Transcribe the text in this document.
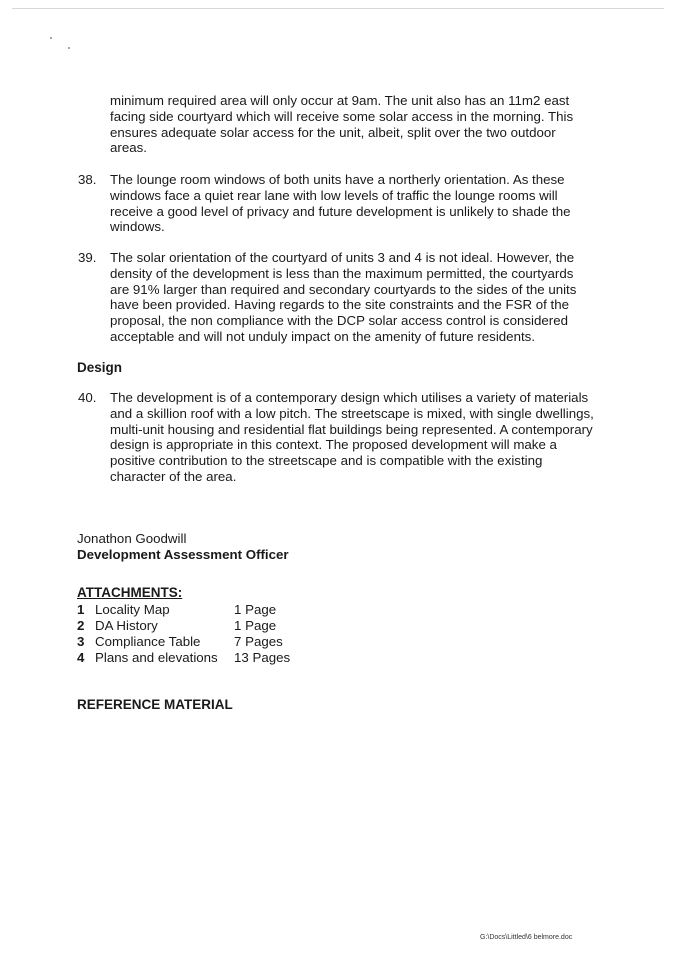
minimum required area will only occur at 9am. The unit also has an 11m2 east facing side courtyard which will receive some solar access in the morning. This ensures adequate solar access for the unit, albeit, split over the two outdoor areas.

38. The lounge room windows of both units have a northerly orientation. As these windows face a quiet rear lane with low levels of traffic the lounge rooms will receive a good level of privacy and future development is unlikely to shade the windows.

39. The solar orientation of the courtyard of units 3 and 4 is not ideal. However, the density of the development is less than the maximum permitted, the courtyards are 91% larger than required and secondary courtyards to the sides of the units have been provided. Having regards to the site constraints and the FSR of the proposal, the non compliance with the DCP solar access control is considered acceptable and will not unduly impact on the amenity of future residents.

Design
40. The development is of a contemporary design which utilises a variety of materials and a skillion roof with a low pitch. The streetscape is mixed, with single dwellings, multi-unit housing and residential flat buildings being represented. A contemporary design is appropriate in this context. The proposed development will make a positive contribution to the streetscape and is compatible with the existing character of the area.

Jonathon Goodwill
Development Assessment Officer
ATTACHMENTS:
1 Locality Map	1 Page
2 DA History	1 Page
3 Compliance Table	7 Pages
4 Plans and elevations 13 Pages
REFERENCE MATERIAL
G:\Docs\Littled\6 belmore.doc
